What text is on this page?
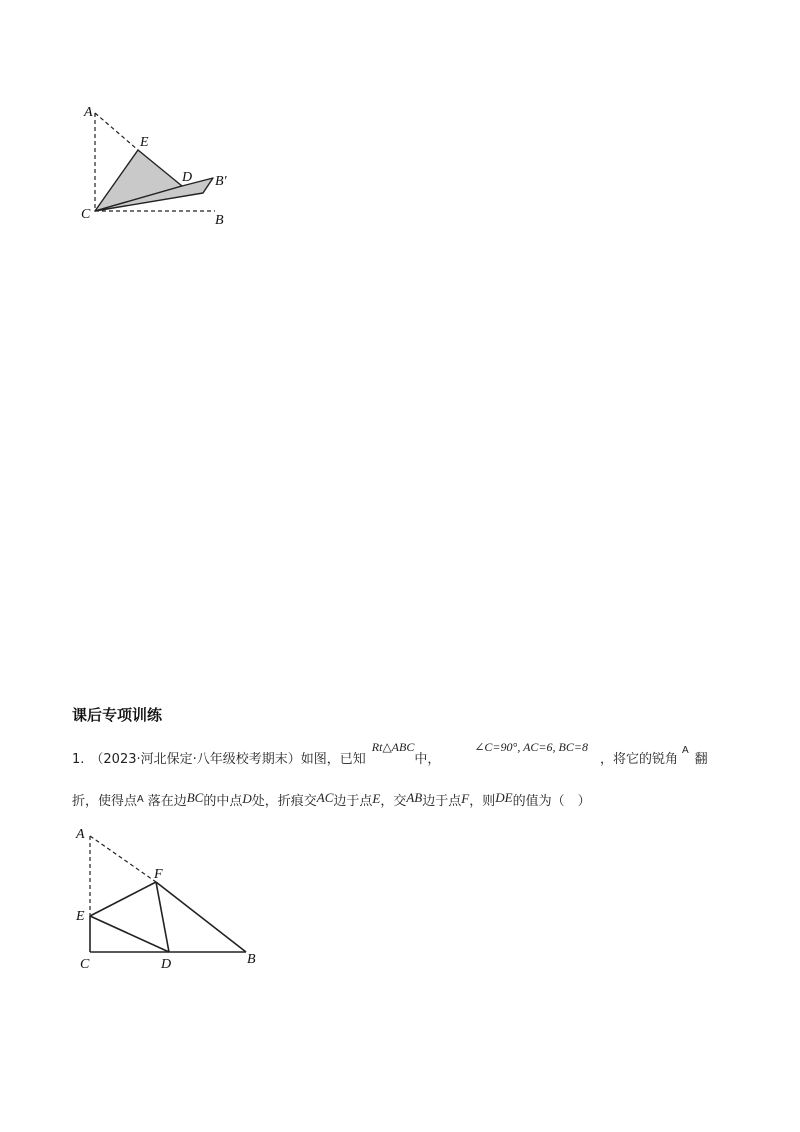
A
E
D B′
C	B
课后专项训练
1. （2023·河北保定·八年级校考期末）如图，已知Rt△ABC中，∠C=90°, AC=6, BC=8，将它的锐角$^A$翻
折，使得点$^A$ 落在边BC的中点D处，折痕交AC边于点E，交AB边于点F，则DE的值为（　）
A
F
E
C	D	B
